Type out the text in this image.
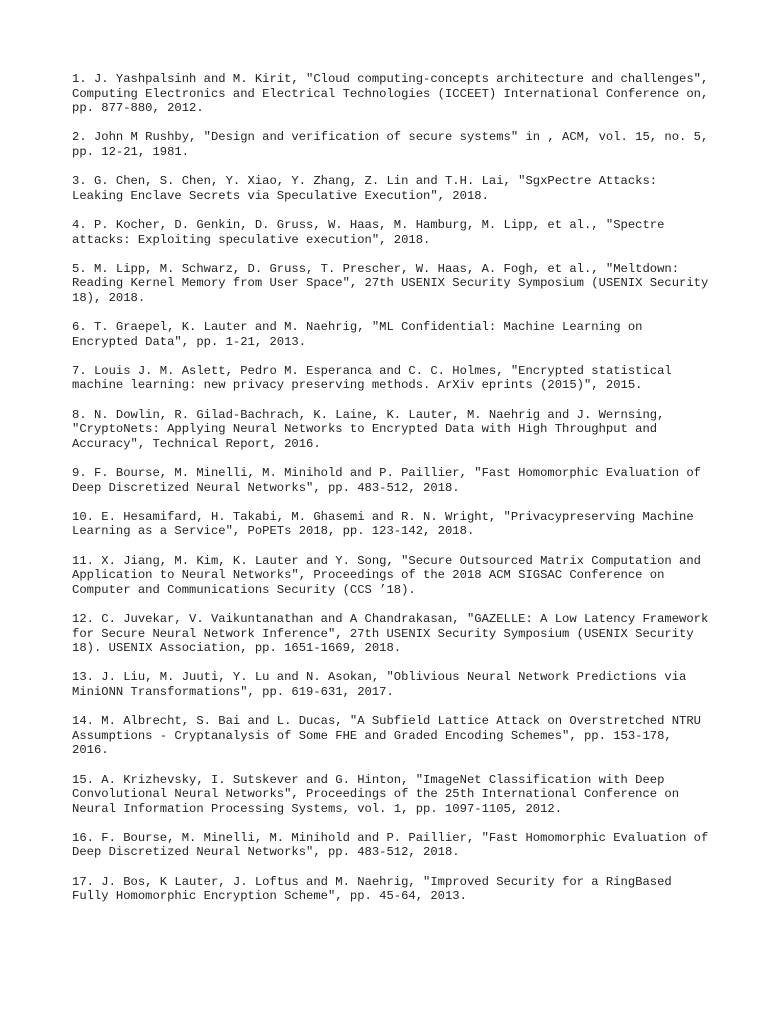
1. J. Yashpalsinh and M. Kirit, "Cloud computing-concepts architecture and challenges", Computing Electronics and Electrical Technologies (ICCEET) International Conference on, pp. 877-880, 2012.

2. John M Rushby, "Design and verification of secure systems" in , ACM, vol. 15, no. 5, pp. 12-21, 1981.

3. G. Chen, S. Chen, Y. Xiao, Y. Zhang, Z. Lin and T.H. Lai, "SgxPectre Attacks: Leaking Enclave Secrets via Speculative Execution", 2018.

4. P. Kocher, D. Genkin, D. Gruss, W. Haas, M. Hamburg, M. Lipp, et al., "Spectre attacks: Exploiting speculative execution", 2018.

5. M. Lipp, M. Schwarz, D. Gruss, T. Prescher, W. Haas, A. Fogh, et al., "Meltdown: Reading Kernel Memory from User Space", 27th USENIX Security Symposium (USENIX Security 18), 2018.

6. T. Graepel, K. Lauter and M. Naehrig, "ML Confidential: Machine Learning on Encrypted Data", pp. 1-21, 2013.

7. Louis J. M. Aslett, Pedro M. Esperanca and C. C. Holmes, "Encrypted statistical machine learning: new privacy preserving methods. ArXiv eprints (2015)", 2015.

8. N. Dowlin, R. Gilad-Bachrach, K. Laine, K. Lauter, M. Naehrig and J. Wernsing, "CryptoNets: Applying Neural Networks to Encrypted Data with High Throughput and Accuracy", Technical Report, 2016.

9. F. Bourse, M. Minelli, M. Minihold and P. Paillier, "Fast Homomorphic Evaluation of Deep Discretized Neural Networks", pp. 483-512, 2018.

10. E. Hesamifard, H. Takabi, M. Ghasemi and R. N. Wright, "Privacypreserving Machine Learning as a Service", PoPETs 2018, pp. 123-142, 2018.

11. X. Jiang, M. Kim, K. Lauter and Y. Song, "Secure Outsourced Matrix Computation and Application to Neural Networks", Proceedings of the 2018 ACM SIGSAC Conference on Computer and Communications Security (CCS ’18).

12. C. Juvekar, V. Vaikuntanathan and A Chandrakasan, "GAZELLE: A Low Latency Framework for Secure Neural Network Inference", 27th USENIX Security Symposium (USENIX Security 18). USENIX Association, pp. 1651-1669, 2018.

13. J. Liu, M. Juuti, Y. Lu and N. Asokan, "Oblivious Neural Network Predictions via MiniONN Transformations", pp. 619-631, 2017.

14. M. Albrecht, S. Bai and L. Ducas, "A Subfield Lattice Attack on Overstretched NTRU Assumptions - Cryptanalysis of Some FHE and Graded Encoding Schemes", pp. 153-178, 2016.

15. A. Krizhevsky, I. Sutskever and G. Hinton, "ImageNet Classification with Deep Convolutional Neural Networks", Proceedings of the 25th International Conference on Neural Information Processing Systems, vol. 1, pp. 1097-1105, 2012.

16. F. Bourse, M. Minelli, M. Minihold and P. Paillier, "Fast Homomorphic Evaluation of Deep Discretized Neural Networks", pp. 483-512, 2018.

17. J. Bos, K Lauter, J. Loftus and M. Naehrig, "Improved Security for a RingBased Fully Homomorphic Encryption Scheme", pp. 45-64, 2013.
